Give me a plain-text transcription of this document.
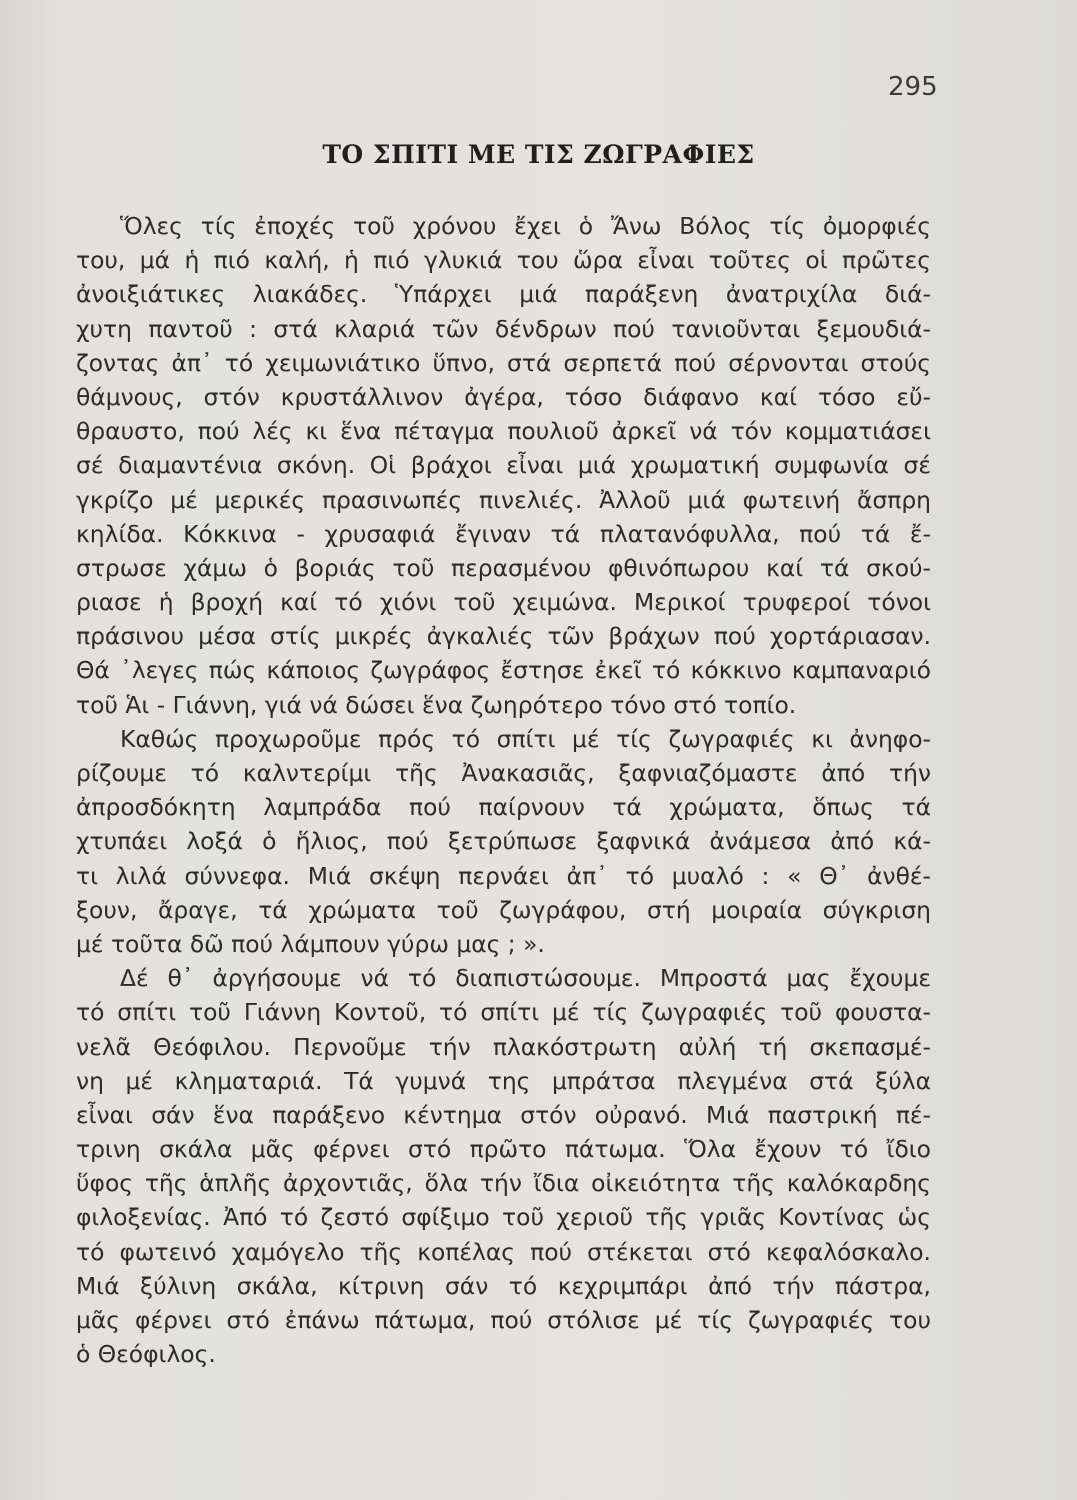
295
ΤΟ ΣΠΙΤΙ ΜΕ ΤΙΣ ΖΩΓΡΑΦΙΕΣ
Ὅλες τίς ἐποχές τοῦ χρόνου ἔχει ὁ Ἄνω Βόλος τίς ὀμορφιές
του, μά ἡ πιό καλή, ἡ πιό γλυκιά του ὥρα εἶναι τοῦτες οἱ πρῶτες
ἀνοιξιάτικες λιακάδες. Ὑπάρχει μιά παράξενη ἀνατριχίλα διά-
χυτη παντοῦ : στά κλαριά τῶν δένδρων πού τανιοῦνται ξεμουδιά-
ζοντας ἀπ᾿ τό χειμωνιάτικο ὕπνο, στά σερπετά πού σέρνονται στούς
θάμνους, στόν κρυστάλλινον ἀγέρα, τόσο διάφανο καί τόσο εὔ-
θραυστο, πού λές κι ἕνα πέταγμα πουλιοῦ ἀρκεῖ νά τόν κομματιάσει
σέ διαμαντένια σκόνη. Οἱ βράχοι εἶναι μιά χρωματική συμφωνία σέ
γκρίζο μέ μερικές πρασινωπές πινελιές. Ἀλλοῦ μιά φωτεινή ἄσπρη
κηλίδα. Κόκκινα - χρυσαφιά ἔγιναν τά πλατανόφυλλα, πού τά ἔ-
στρωσε χάμω ὁ βοριάς τοῦ περασμένου φθινόπωρου καί τά σκού-
ριασε ἡ βροχή καί τό χιόνι τοῦ χειμώνα. Μερικοί τρυφεροί τόνοι
πράσινου μέσα στίς μικρές ἀγκαλιές τῶν βράχων πού χορτάριασαν.
Θά ᾽λεγες πώς κάποιος ζωγράφος ἔστησε ἐκεῖ τό κόκκινο καμπαναριό
τοῦ Ἁι - Γιάννη, γιά νά δώσει ἕνα ζωηρότερο τόνο στό τοπίο.
Καθώς προχωροῦμε πρός τό σπίτι μέ τίς ζωγραφιές κι ἀνηφο-
ρίζουμε τό καλντερίμι τῆς Ἀνακασιᾶς, ξαφνιαζόμαστε ἀπό τήν
ἀπροσδόκητη λαμπράδα πού παίρνουν τά χρώματα, ὅπως τά
χτυπάει λοξά ὁ ἥλιος, πού ξετρύπωσε ξαφνικά ἀνάμεσα ἀπό κά-
τι λιλά σύννεφα. Μιά σκέψη περνάει ἀπ᾿ τό μυαλό : « Θ᾿ ἀνθέ-
ξουν, ἄραγε, τά χρώματα τοῦ ζωγράφου, στή μοιραία σύγκριση
μέ τοῦτα δῶ πού λάμπουν γύρω μας ; ».
Δέ θ᾿ ἀργήσουμε νά τό διαπιστώσουμε. Μπροστά μας ἔχουμε
τό σπίτι τοῦ Γιάννη Κοντοῦ, τό σπίτι μέ τίς ζωγραφιές τοῦ φουστα-
νελᾶ Θεόφιλου. Περνοῦμε τήν πλακόστρωτη αὐλή τή σκεπασμέ-
νη μέ κληματαριά. Τά γυμνά της μπράτσα πλεγμένα στά ξύλα
εἶναι σάν ἕνα παράξενο κέντημα στόν οὐρανό. Μιά παστρική πέ-
τρινη σκάλα μᾶς φέρνει στό πρῶτο πάτωμα. Ὅλα ἔχουν τό ἴδιο
ὕφος τῆς ἁπλῆς ἀρχοντιᾶς, ὅλα τήν ἴδια οἰκειότητα τῆς καλόκαρδης
φιλοξενίας. Ἀπό τό ζεστό σφίξιμο τοῦ χεριοῦ τῆς γριᾶς Κοντίνας ὡς
τό φωτεινό χαμόγελο τῆς κοπέλας πού στέκεται στό κεφαλόσκαλο.
Μιά ξύλινη σκάλα, κίτρινη σάν τό κεχριμπάρι ἀπό τήν πάστρα,
μᾶς φέρνει στό ἐπάνω πάτωμα, πού στόλισε μέ τίς ζωγραφιές του
ὁ Θεόφιλος.
